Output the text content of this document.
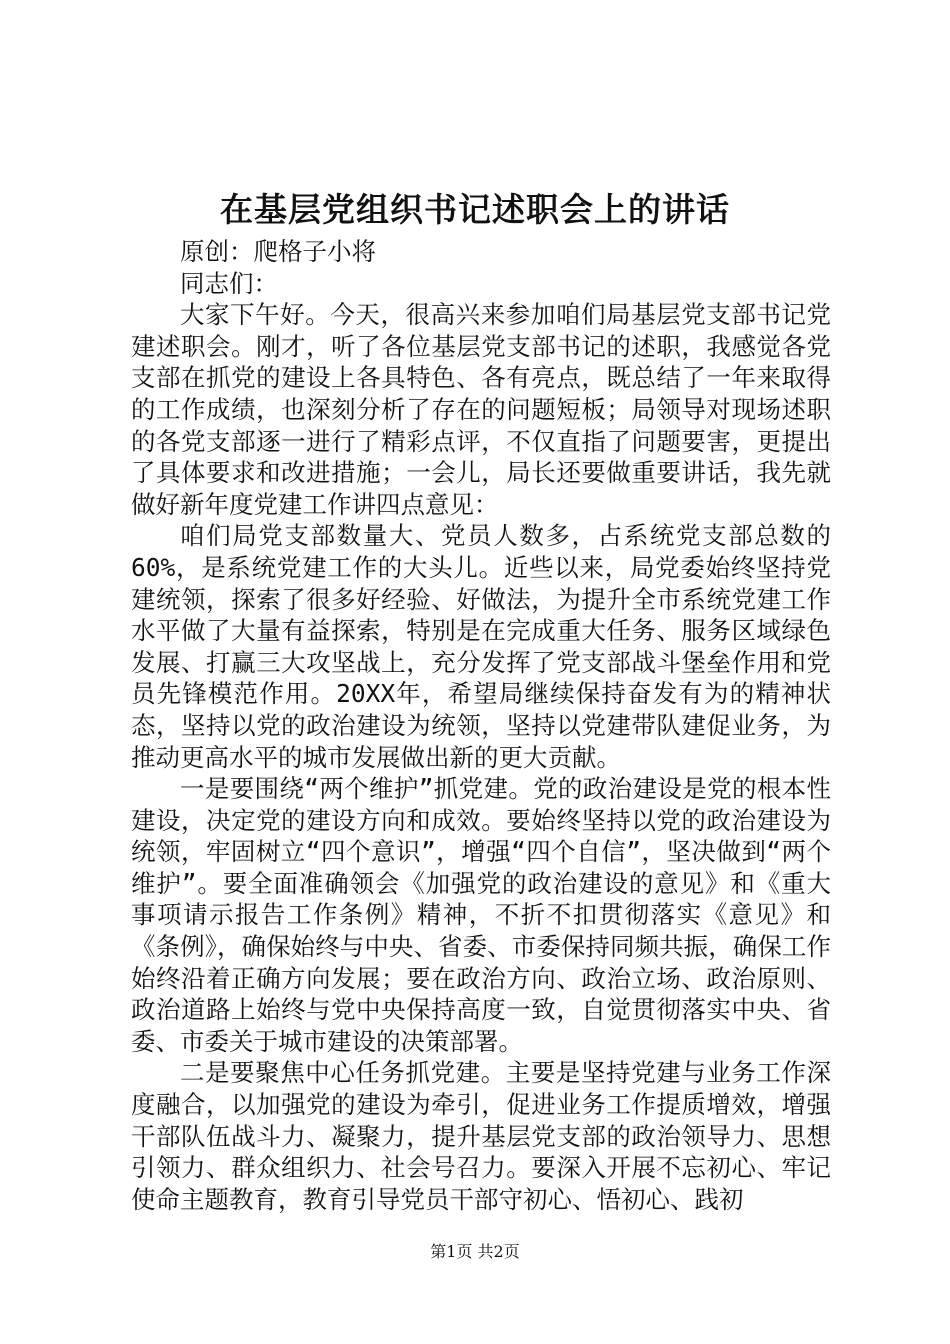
在基层党组织书记述职会上的讲话

原创：爬格子小将

同志们：

大家下午好。今天，很高兴来参加咱们局基层党支部书记党建述职会。刚才，听了各位基层党支部书记的述职，我感觉各党支部在抓党的建设上各具特色、各有亮点，既总结了一年来取得的工作成绩，也深刻分析了存在的问题短板；局领导对现场述职的各党支部逐一进行了精彩点评，不仅直指了问题要害，更提出了具体要求和改进措施；一会儿，局长还要做重要讲话，我先就做好新年度党建工作讲四点意见：

咱们局党支部数量大、党员人数多，占系统党支部总数的60%，是系统党建工作的大头儿。近些以来，局党委始终坚持党建统领，探索了很多好经验、好做法，为提升全市系统党建工作水平做了大量有益探索，特别是在完成重大任务、服务区域绿色发展、打赢三大攻坚战上，充分发挥了党支部战斗堡垒作用和党员先锋模范作用。20XX年，希望局继续保持奋发有为的精神状态，坚持以党的政治建设为统领，坚持以党建带队建促业务，为推动更高水平的城市发展做出新的更大贡献。

一是要围绕“两个维护”抓党建。党的政治建设是党的根本性建设，决定党的建设方向和成效。要始终坚持以党的政治建设为统领，牢固树立“四个意识”，增强“四个自信”，坚决做到“两个维护”。要全面准确领会《加强党的政治建设的意见》和《重大事项请示报告工作条例》精神，不折不扣贯彻落实《意见》和《条例》，确保始终与中央、省委、市委保持同频共振，确保工作始终沿着正确方向发展；要在政治方向、政治立场、政治原则、政治道路上始终与党中央保持高度一致，自觉贯彻落实中央、省委、市委关于城市建设的决策部署。

二是要聚焦中心任务抓党建。主要是坚持党建与业务工作深度融合，以加强党的建设为牵引，促进业务工作提质增效，增强干部队伍战斗力、凝聚力，提升基层党支部的政治领导力、思想引领力、群众组织力、社会号召力。要深入开展不忘初心、牢记使命主题教育，教育引导党员干部守初心、悟初心、践初

第1页 共2页
